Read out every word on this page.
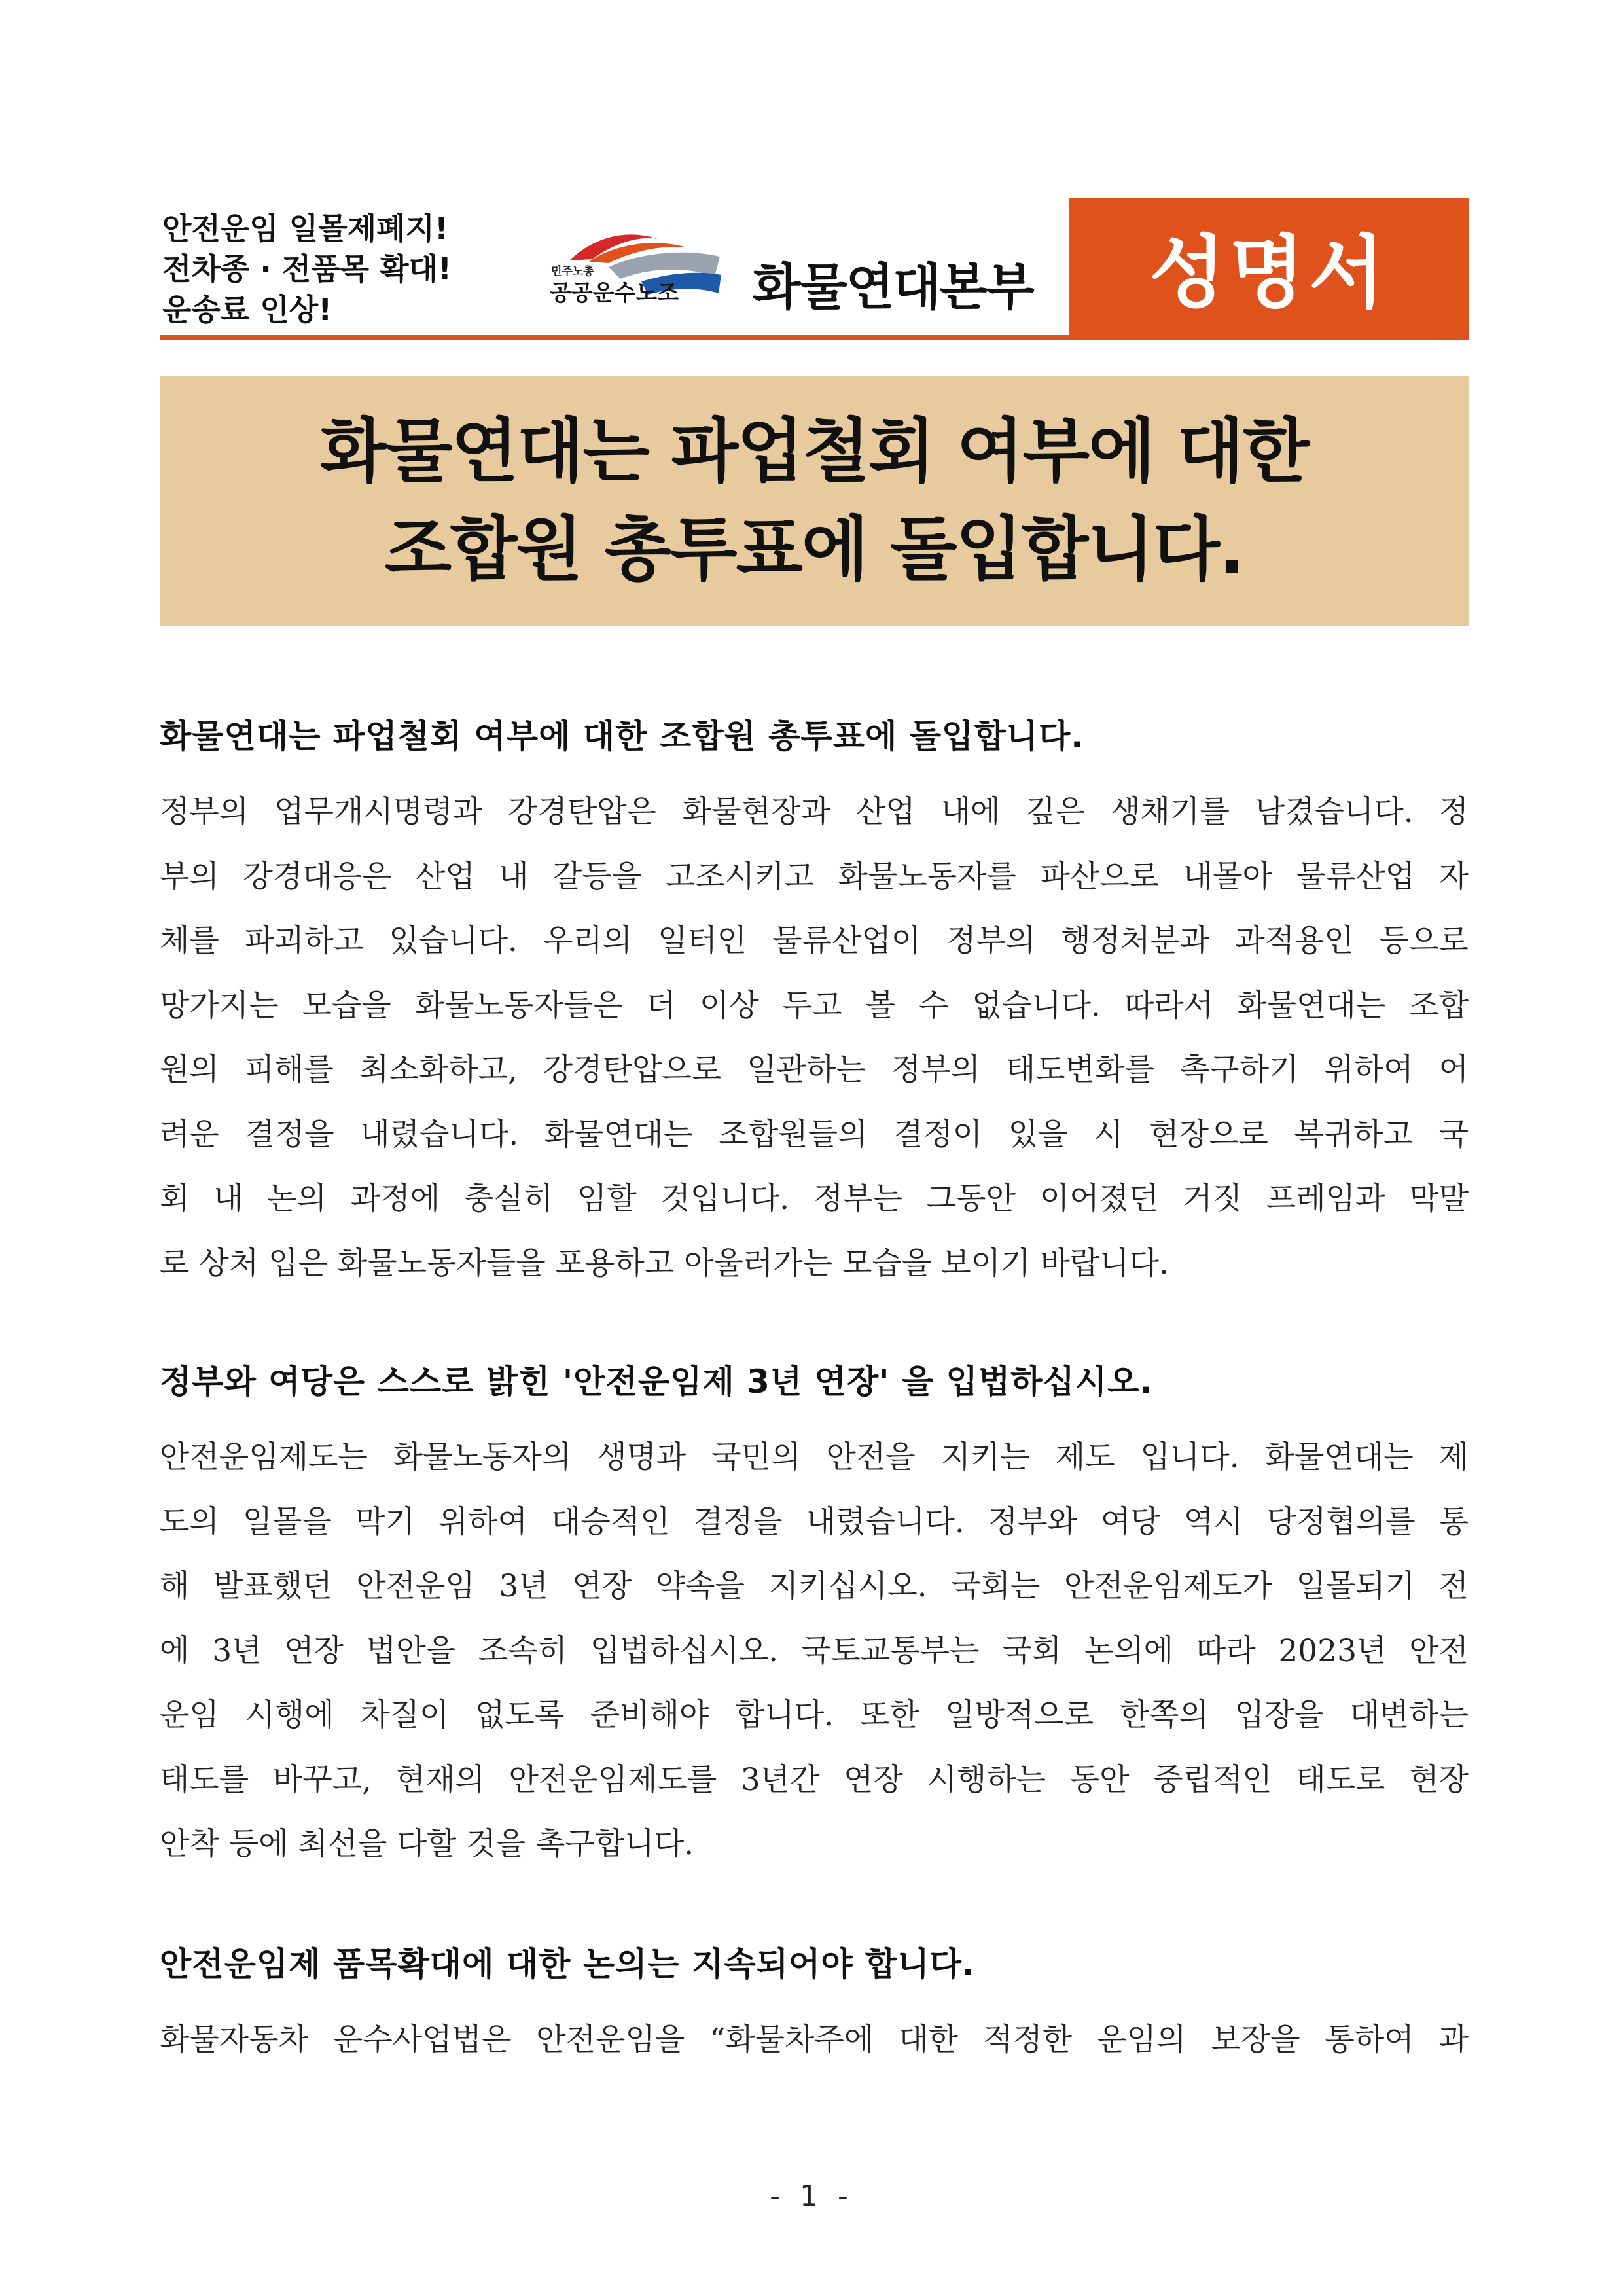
안전운임 일몰제폐지!
전차종 · 전품목 확대!
운송료 인상!
민주노총
공공운수노조 화물연대본부	성명서
화물연대는 파업철회 여부에 대한
조합원 총투표에 돌입합니다.
화물연대는 파업철회 여부에 대한 조합원 총투표에 돌입합니다.
정부의 업무개시명령과 강경탄압은 화물현장과 산업 내에 깊은 생채기를 남겼습니다. 정
부의 강경대응은 산업 내 갈등을 고조시키고 화물노동자를 파산으로 내몰아 물류산업 자
체를 파괴하고 있습니다. 우리의 일터인 물류산업이 정부의 행정처분과 과적용인 등으로
망가지는 모습을 화물노동자들은 더 이상 두고 볼 수 없습니다. 따라서 화물연대는 조합
원의 피해를 최소화하고, 강경탄압으로 일관하는 정부의 태도변화를 촉구하기 위하여 어
려운 결정을 내렸습니다. 화물연대는 조합원들의 결정이 있을 시 현장으로 복귀하고 국
회 내 논의 과정에 충실히 임할 것입니다. 정부는 그동안 이어졌던 거짓 프레임과 막말
로 상처 입은 화물노동자들을 포용하고 아울러가는 모습을 보이기 바랍니다.
정부와 여당은 스스로 밝힌 '안전운임제 3년 연장' 을 입법하십시오.
안전운임제도는 화물노동자의 생명과 국민의 안전을 지키는 제도 입니다. 화물연대는 제
도의 일몰을 막기 위하여 대승적인 결정을 내렸습니다. 정부와 여당 역시 당정협의를 통
해 발표했던 안전운임 3년 연장 약속을 지키십시오. 국회는 안전운임제도가 일몰되기 전
에 3년 연장 법안을 조속히 입법하십시오. 국토교통부는 국회 논의에 따라 2023년 안전
운임 시행에 차질이 없도록 준비해야 합니다. 또한 일방적으로 한쪽의 입장을 대변하는
태도를 바꾸고, 현재의 안전운임제도를 3년간 연장 시행하는 동안 중립적인 태도로 현장
안착 등에 최선을 다할 것을 촉구합니다.
안전운임제 품목확대에 대한 논의는 지속되어야 합니다.
화물자동차 운수사업법은 안전운임을 “화물차주에 대한 적정한 운임의 보장을 통하여 과
- 1 -
